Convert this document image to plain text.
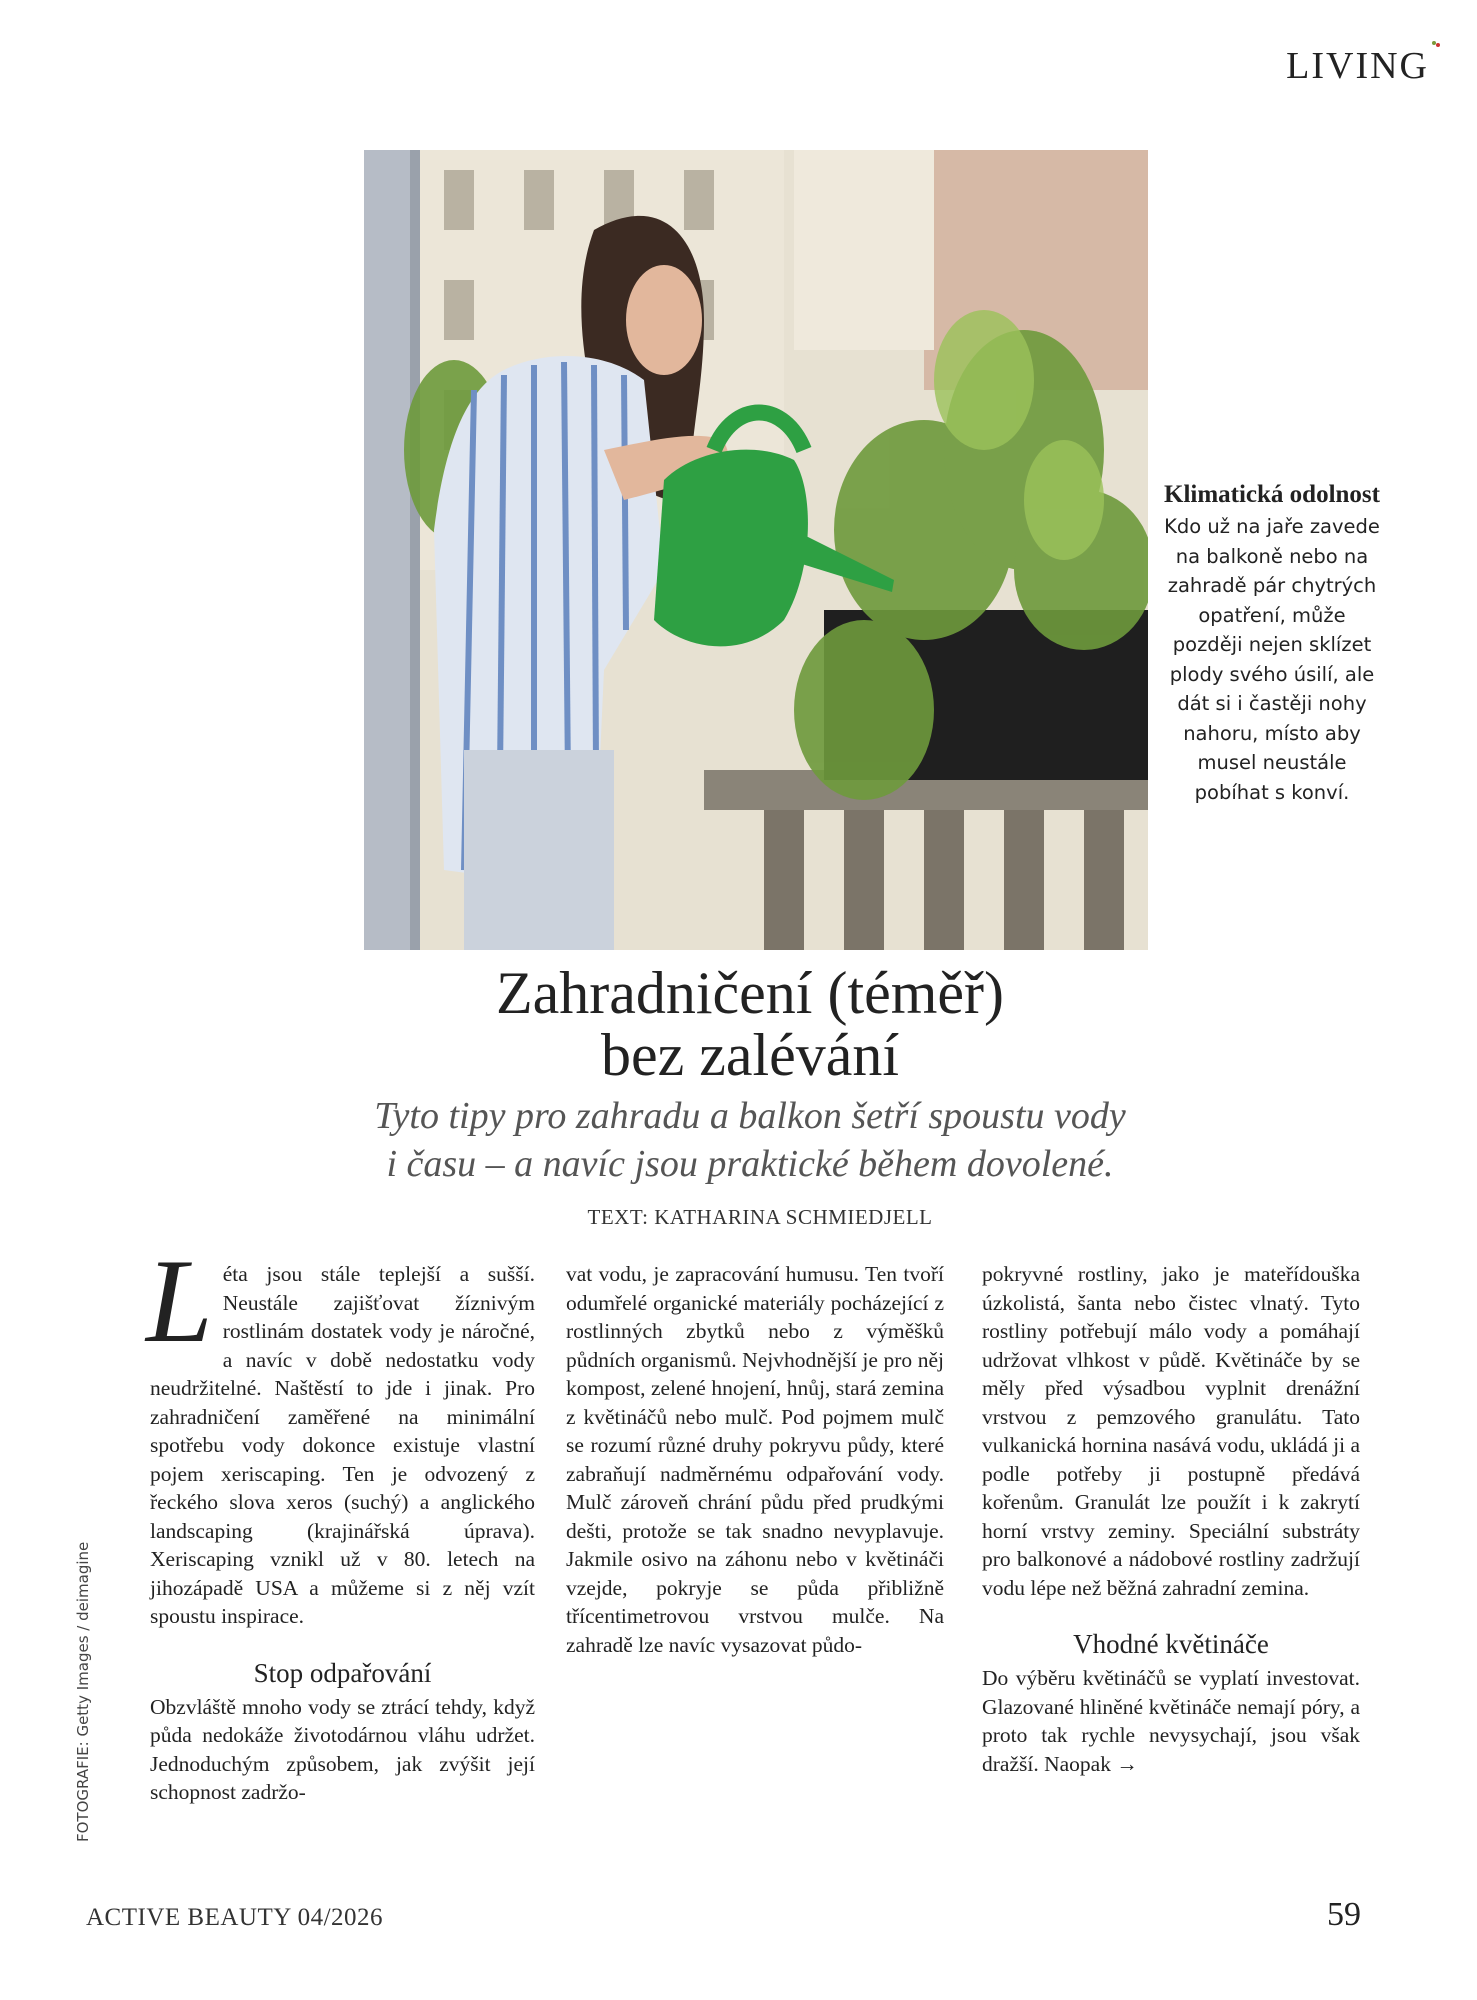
LIVING
Klimatická odolnost

Kdo už na jaře zavede na balkoně nebo na zahradě pár chytrých opatření, může později nejen sklízet plody svého úsilí, ale dát si i častěji nohy nahoru, místo aby musel neustále pobíhat s konví.

Zahradničení (téměř)
bez zalévání

Tyto tipy pro zahradu a balkon šetří spoustu vody
i času – a navíc jsou praktické během dovolené.

TEXT: KATHARINA SCHMIEDJELL

Léta jsou stále teplejší a sušší. Neustále zajišťovat žíznivým rostlinám dostatek vody je náročné, a navíc v době nedostatku vody neudržitelné. Naštěstí to jde i jinak. Pro zahradničení zaměřené na minimální spotřebu vody dokonce existuje vlastní pojem xeriscaping. Ten je odvozený z řeckého slova xeros (suchý) a anglického landscaping (krajinářská úprava). Xeriscaping vznikl už v 80. letech na jihozápadě USA a můžeme si z něj vzít spoustu inspirace.

Stop odpařování

Obzvláště mnoho vody se ztrácí tehdy, když půda nedokáže životodárnou vláhu udržet. Jednoduchým způsobem, jak zvýšit její schopnost zadržo-

vat vodu, je zapracování humusu. Ten tvoří odumřelé organické materiály pocházející z rostlinných zbytků nebo z výměšků půdních organismů. Nejvhodnější je pro něj kompost, zelené hnojení, hnůj, stará zemina z květináčů nebo mulč. Pod pojmem mulč se rozumí různé druhy pokryvu půdy, které zabraňují nadměrnému odpařování vody. Mulč zároveň chrání půdu před prudkými dešti, protože se tak snadno nevyplavuje. Jakmile osivo na záhonu nebo v květináči vzejde, pokryje se půda přibližně třícentimetrovou vrstvou mulče. Na zahradě lze navíc vysazovat půdo-

pokryvné rostliny, jako je mateřídouška úzkolistá, šanta nebo čistec vlnatý. Tyto rostliny potřebují málo vody a pomáhají udržovat vlhkost v půdě. Květináče by se měly před výsadbou vyplnit drenážní vrstvou z pemzového granulátu. Tato vulkanická hornina nasává vodu, ukládá ji a podle potřeby ji postupně předává kořenům. Granulát lze použít i k zakrytí horní vrstvy zeminy. Speciální substráty pro balkonové a nádobové rostliny zadržují vodu lépe než běžná zahradní zemina.

Vhodné květináče

Do výběru květináčů se vyplatí investovat. Glazované hliněné květináče nemají póry, a proto tak rychle nevysychají, jsou však dražší. Naopak →

FOTOGRAFIE: Getty Images / deimagine
ACTIVE BEAUTY 04/2026	59
